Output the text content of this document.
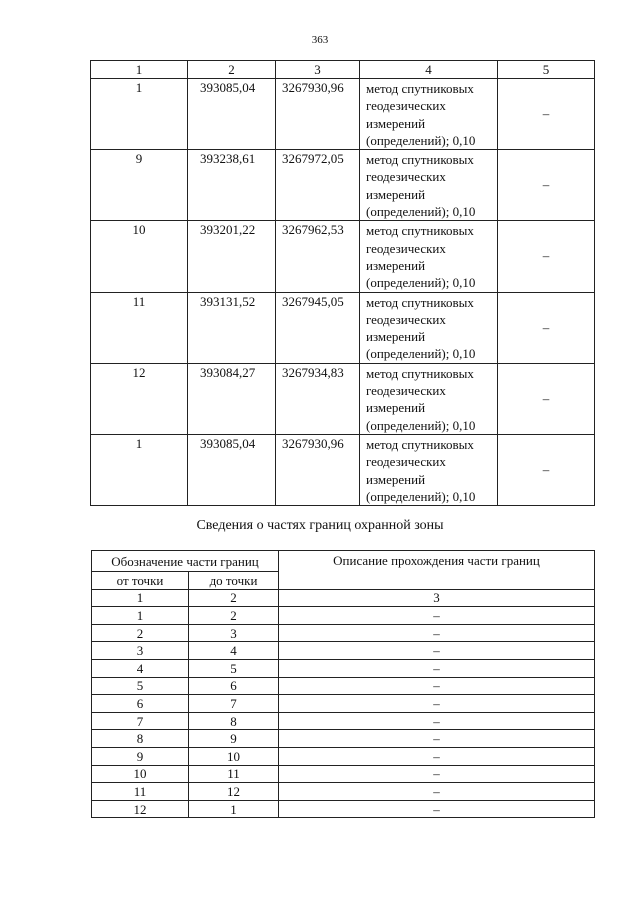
363
1	2	3	4	5
1	393085,04	3267930,96	метод спутниковых
геодезических
измерений
(определений); 0,10	–
9	393238,61	3267972,05	метод спутниковых
геодезических
измерений
(определений); 0,10	–
10	393201,22	3267962,53	метод спутниковых
геодезических
измерений
(определений); 0,10	–
11	393131,52	3267945,05	метод спутниковых
геодезических
измерений
(определений); 0,10	–
12	393084,27	3267934,83	метод спутниковых
геодезических
измерений
(определений); 0,10	–
1	393085,04	3267930,96	метод спутниковых
геодезических
измерений
(определений); 0,10	–
Сведения о частях границ охранной зоны
Обозначение части границ		Описание прохождения части границ
от точки	до точки	
1	2	3
1	2	–
2	3	–
3	4	–
4	5	–
5	6	–
6	7	–
7	8	–
8	9	–
9	10	–
10	11	–
11	12	–
12	1	–
